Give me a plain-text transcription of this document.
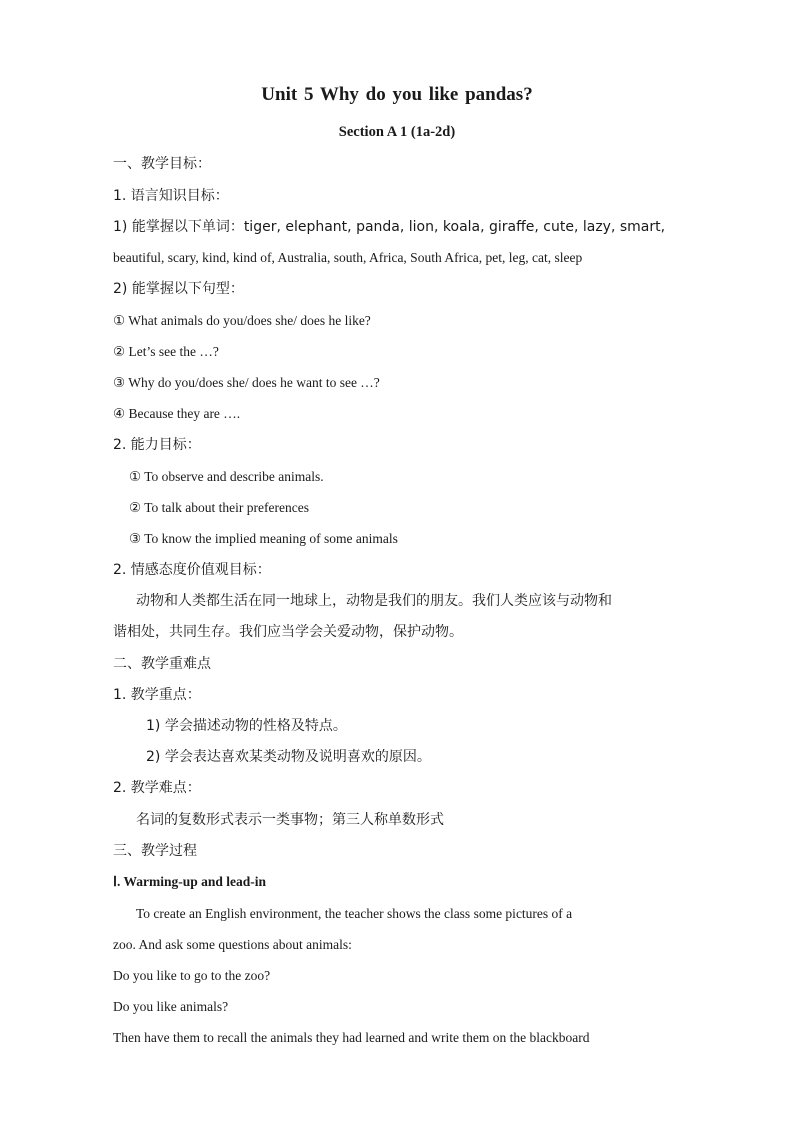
Unit 5 Why do you like pandas?
Section A 1 (1a-2d)
一、教学目标：
1. 语言知识目标：
1) 能掌握以下单词：tiger, elephant, panda, lion, koala, giraffe, cute, lazy, smart,
beautiful, scary, kind, kind of, Australia, south, Africa, South Africa, pet, leg, cat, sleep
2) 能掌握以下句型：
① What animals do you/does she/ does he like?
② Let’s see the …?
③ Why do you/does she/ does he want to see …?
④ Because they are ….
2. 能力目标：
① To observe and describe animals.
② To talk about their preferences
③ To know the implied meaning of some animals
2. 情感态度价值观目标：
动物和人类都生活在同一地球上，动物是我们的朋友。我们人类应该与动物和
谐相处，共同生存。我们应当学会关爱动物，保护动物。
二、教学重难点
1. 教学重点：
1) 学会描述动物的性格及特点。
2) 学会表达喜欢某类动物及说明喜欢的原因。
2. 教学难点：
名词的复数形式表示一类事物；第三人称单数形式
三、教学过程
Ⅰ. Warming-up and lead-in
To create an English environment, the teacher shows the class some pictures of a
zoo. And ask some questions about animals:
Do you like to go to the zoo?
Do you like animals?
Then have them to recall the animals they had learned and write them on the blackboard
